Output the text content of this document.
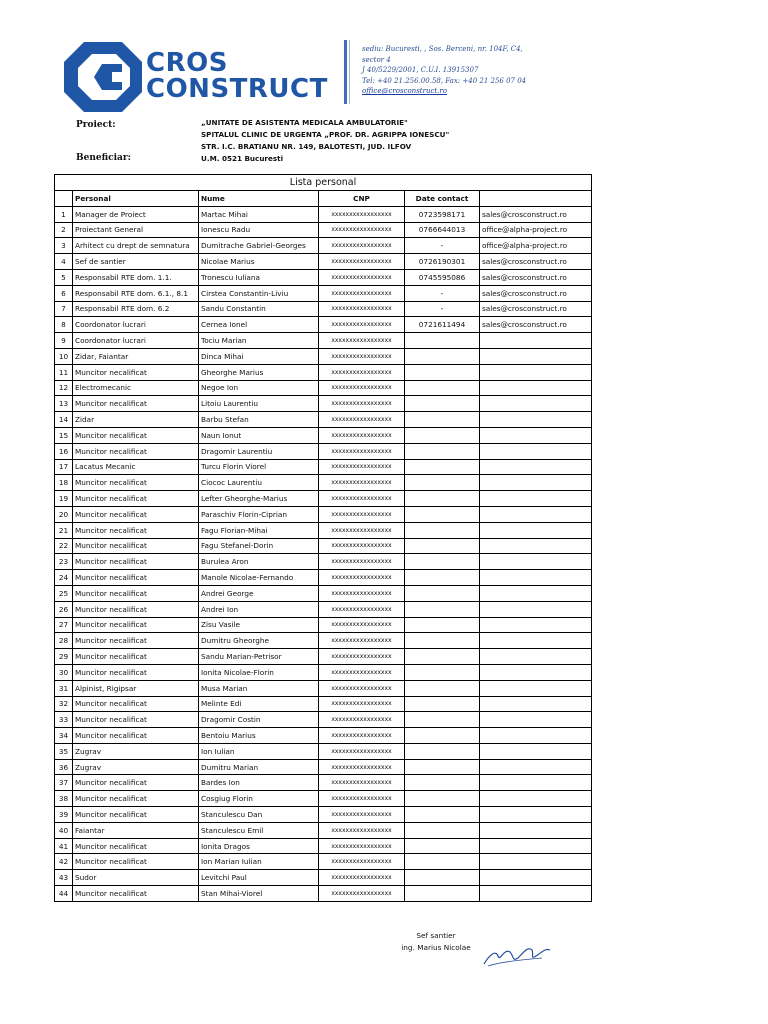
CROS
CONSTRUCT
sediu: Bucuresti, , Sos. Berceni, nr. 104F, C4,
sector 4
J 40/5229/2001, C.U.I. 13915307
Tel: +40 21.256.00.58, Fax: +40 21 256 07 04
office@crosconstruct.ro
Proiect:	„UNITATE DE ASISTENTA MEDICALA AMBULATORIE"
SPITALUL CLINIC DE URGENTA „PROF. DR. AGRIPPA IONESCU"
STR. I.C. BRATIANU NR. 149, BALOTESTI, JUD. ILFOV
U.M. 0521 Bucuresti
Beneficiar:
Lista personal					
	Personal	Nume	CNP	Date contact	
1	Manager de Proiect	Martac Mihai	xxxxxxxxxxxxxxxxx	0723598171	sales@crosconstruct.ro
2	Proiectant General	Ionescu Radu	xxxxxxxxxxxxxxxxx	0766644013	office@alpha-project.ro
3	Arhitect cu drept de semnatura	Dumitrache Gabriel-Georges	xxxxxxxxxxxxxxxxx	-	office@alpha-project.ro
4	Sef de santier	Nicolae Marius	xxxxxxxxxxxxxxxxx	0726190301	sales@crosconstruct.ro
5	Responsabil RTE dom. 1.1.	Tronescu Iuliana	xxxxxxxxxxxxxxxxx	0745595086	sales@crosconstruct.ro
6	Responsabil RTE dom. 6.1., 8.1	Cirstea Constantin-Liviu	xxxxxxxxxxxxxxxxx	-	sales@crosconstruct.ro
7	Responsabil RTE dom. 6.2	Sandu Constantin	xxxxxxxxxxxxxxxxx	-	sales@crosconstruct.ro
8	Coordonator lucrari	Cernea Ionel	xxxxxxxxxxxxxxxxx	0721611494	sales@crosconstruct.ro
9	Coordonator lucrari	Tociu Marian	xxxxxxxxxxxxxxxxx		
10	Zidar, Faiantar	Dinca Mihai	xxxxxxxxxxxxxxxxx		
11	Muncitor necalificat	Gheorghe Marius	xxxxxxxxxxxxxxxxx		
12	Electromecanic	Negoe Ion	xxxxxxxxxxxxxxxxx		
13	Muncitor necalificat	Litoiu Laurentiu	xxxxxxxxxxxxxxxxx		
14	Zidar	Barbu Stefan	xxxxxxxxxxxxxxxxx		
15	Muncitor necalificat	Naun Ionut	xxxxxxxxxxxxxxxxx		
16	Muncitor necalificat	Dragomir Laurentiu	xxxxxxxxxxxxxxxxx		
17	Lacatus Mecanic	Turcu Florin Viorel	xxxxxxxxxxxxxxxxx		
18	Muncitor necalificat	Ciococ Laurentiu	xxxxxxxxxxxxxxxxx		
19	Muncitor necalificat	Lefter Gheorghe-Marius	xxxxxxxxxxxxxxxxx		
20	Muncitor necalificat	Paraschiv Florin-Ciprian	xxxxxxxxxxxxxxxxx		
21	Muncitor necalificat	Fagu Florian-Mihai	xxxxxxxxxxxxxxxxx		
22	Muncitor necalificat	Fagu Stefanel-Dorin	xxxxxxxxxxxxxxxxx		
23	Muncitor necalificat	Burulea Aron	xxxxxxxxxxxxxxxxx		
24	Muncitor necalificat	Manole Nicolae-Fernando	xxxxxxxxxxxxxxxxx		
25	Muncitor necalificat	Andrei George	xxxxxxxxxxxxxxxxx		
26	Muncitor necalificat	Andrei Ion	xxxxxxxxxxxxxxxxx		
27	Muncitor necalificat	Zisu Vasile	xxxxxxxxxxxxxxxxx		
28	Muncitor necalificat	Dumitru Gheorghe	xxxxxxxxxxxxxxxxx		
29	Muncitor necalificat	Sandu Marian-Petrisor	xxxxxxxxxxxxxxxxx		
30	Muncitor necalificat	Ionita Nicolae-Florin	xxxxxxxxxxxxxxxxx		
31	Alpinist, Rigipsar	Musa Marian	xxxxxxxxxxxxxxxxx		
32	Muncitor necalificat	Melinte Edi	xxxxxxxxxxxxxxxxx		
33	Muncitor necalificat	Dragomir Costin	xxxxxxxxxxxxxxxxx		
34	Muncitor necalificat	Bentoiu Marius	xxxxxxxxxxxxxxxxx		
35	Zugrav	Ion Iulian	xxxxxxxxxxxxxxxxx		
36	Zugrav	Dumitru Marian	xxxxxxxxxxxxxxxxx		
37	Muncitor necalificat	Bardes Ion	xxxxxxxxxxxxxxxxx		
38	Muncitor necalificat	Cosgiug Florin	xxxxxxxxxxxxxxxxx		
39	Muncitor necalificat	Stanculescu Dan	xxxxxxxxxxxxxxxxx		
40	Faiantar	Stanculescu Emil	xxxxxxxxxxxxxxxxx		
41	Muncitor necalificat	Ionita Dragos	xxxxxxxxxxxxxxxxx		
42	Muncitor necalificat	Ion Marian Iulian	xxxxxxxxxxxxxxxxx		
43	Sudor	Levitchi Paul	xxxxxxxxxxxxxxxxx		
44	Muncitor necalificat	Stan Mihai-Viorel	xxxxxxxxxxxxxxxxx		
Sef santier
ing. Marius Nicolae
